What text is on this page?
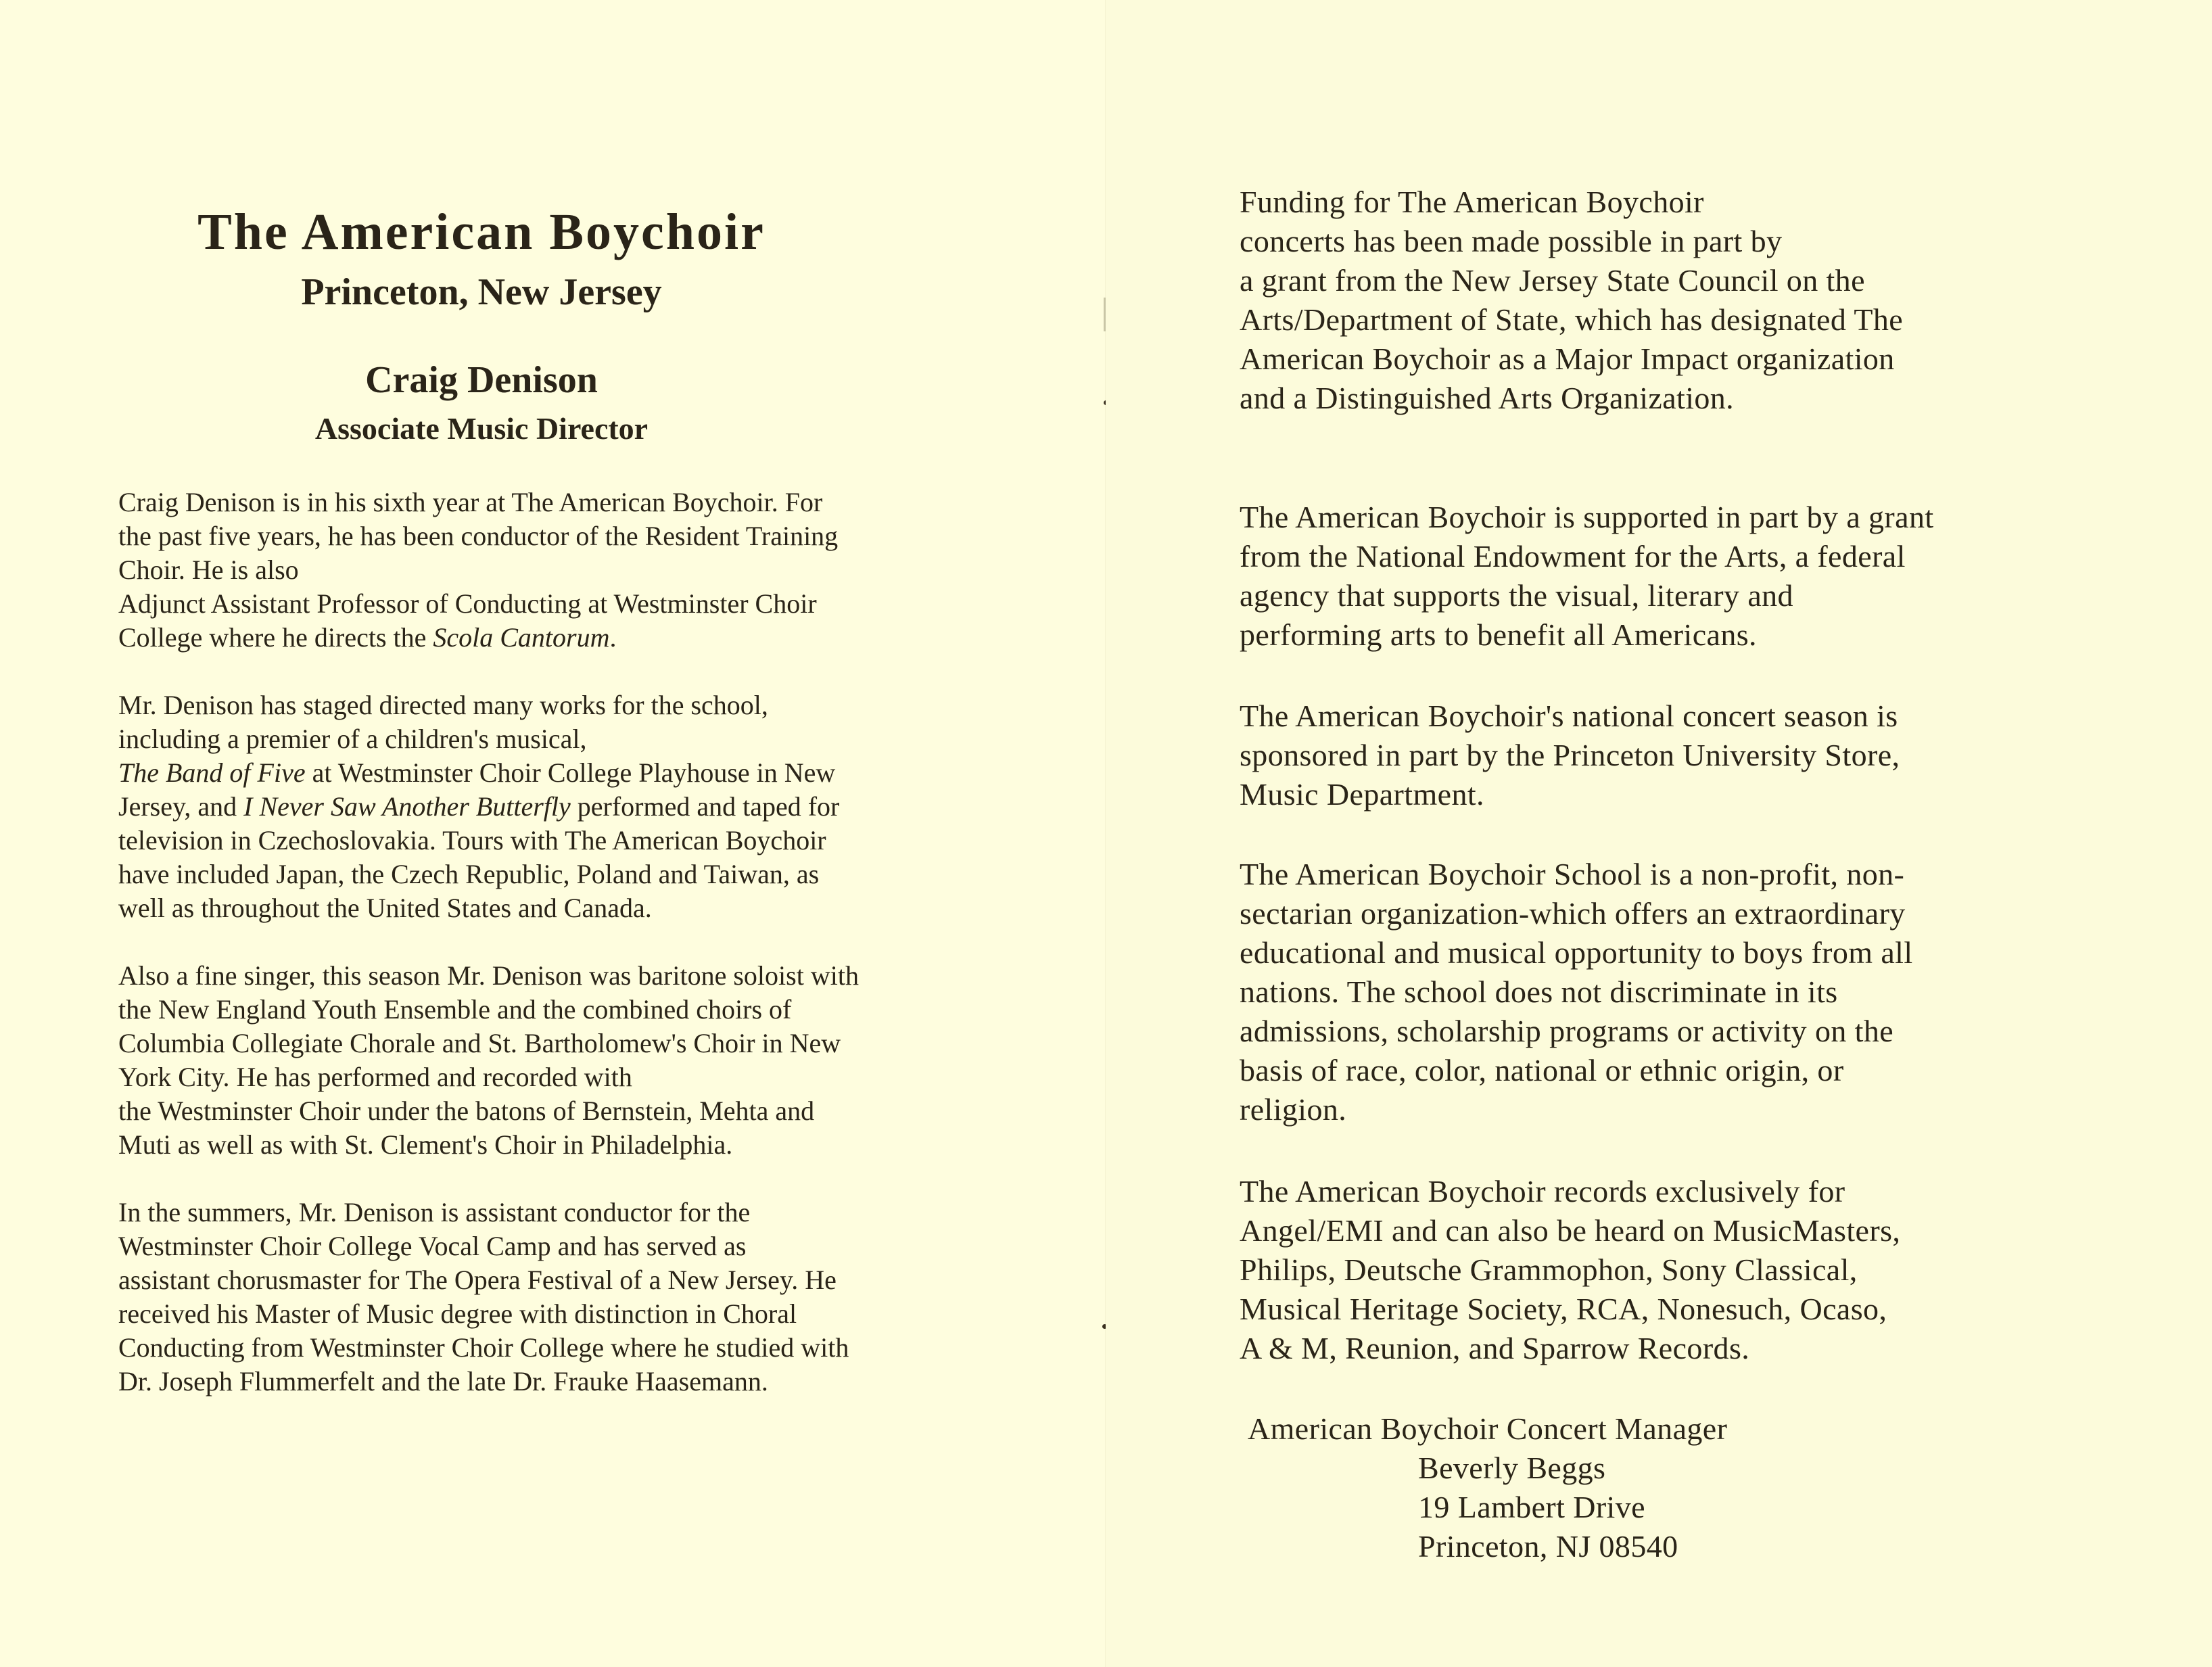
The American Boychoir
Princeton, New Jersey
Craig Denison
Associate Music Director

Craig Denison is in his sixth year at The American Boychoir. For
the past five years, he has been conductor of the Resident Training
Choir. He is also
Adjunct Assistant Professor of Conducting at Westminster Choir
College where he directs the Scola Cantorum.

Mr. Denison has staged directed many works for the school,
including a premier of a children's musical,
The Band of Five at Westminster Choir College Playhouse in New
Jersey, and I Never Saw Another Butterfly performed and taped for
television in Czechoslovakia. Tours with The American Boychoir
have included Japan, the Czech Republic, Poland and Taiwan, as
well as throughout the United States and Canada.

Also a fine singer, this season Mr. Denison was baritone soloist with
the New England Youth Ensemble and the combined choirs of
Columbia Collegiate Chorale and St. Bartholomew's Choir in New
York City. He has performed and recorded with
the Westminster Choir under the batons of Bernstein, Mehta and
Muti as well as with St. Clement's Choir in Philadelphia.

In the summers, Mr. Denison is assistant conductor for the
Westminster Choir College Vocal Camp and has served as
assistant chorusmaster for The Opera Festival of a New Jersey. He
received his Master of Music degree with distinction in Choral
Conducting from Westminster Choir College where he studied with
Dr. Joseph Flummerfelt and the late Dr. Frauke Haasemann.

Funding for The American Boychoir
concerts has been made possible in part by
a grant from the New Jersey State Council on the
Arts/Department of State, which has designated The
American Boychoir as a Major Impact organization
and a Distinguished Arts Organization.

The American Boychoir is supported in part by a grant
from the National Endowment for the Arts, a federal
agency that supports the visual, literary and
performing arts to benefit all Americans.

The American Boychoir's national concert season is
sponsored in part by the Princeton University Store,
Music Department.

The American Boychoir School is a non-profit, non-
sectarian organization-which offers an extraordinary
educational and musical opportunity to boys from all
nations. The school does not discriminate in its
admissions, scholarship programs or activity on the
basis of race, color, national or ethnic origin, or
religion.

The American Boychoir records exclusively for
Angel/EMI and can also be heard on MusicMasters,
Philips, Deutsche Grammophon, Sony Classical,
Musical Heritage Society, RCA, Nonesuch, Ocaso,
A & M, Reunion, and Sparrow Records.

American Boychoir Concert Manager
Beverly Beggs
19 Lambert Drive
Princeton, NJ 08540
